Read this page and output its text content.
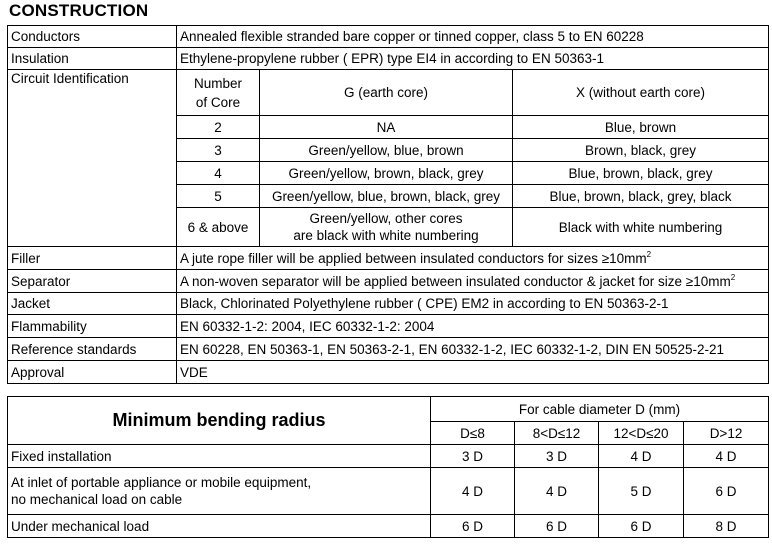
CONSTRUCTION
Conductors	Annealed flexible stranded bare copper or tinned copper, class 5 to EN 60228		
Insulation	Ethylene-propylene rubber ( EPR) type EI4 in according to EN 50363-1		
Circuit Identification	Number of Core	G (earth core)	X (without earth core)
	2	NA	Blue, brown
	3	Green/yellow, blue, brown	Brown, black, grey
	4	Green/yellow, brown, black, grey	Blue, brown, black, grey
	5	Green/yellow, blue, brown, black, grey	Blue, brown, black, grey, black
	6 & above	Green/yellow, other cores
are black with white numbering	Black with white numbering
Filler	A jute rope filler will be applied between insulated conductors for sizes $\ge 10mm^2$
Separator	A non-woven separator will be applied between insulated conductor & jacket for size $\ge 10mm^2$
Jacket	Black, Chlorinated Polyethylene rubber ( CPE) EM2 in according to EN 50363-2-1		
Flammability	EN 60332-1-2: 2004, IEC 60332-1-2: 2004		
Reference standards	EN 60228, EN 50363-1, EN 50363-2-1, EN 60332-1-2, IEC 60332-1-2, DIN EN 50525-2-21		
Approval	VDE		
Minimum bending radius	For cable diameter D (mm)			
	D≤8	8<D≤12	12<D≤20	D>12
Fixed installation	3 D	3 D	4 D	4 D

At inlet of portable appliance or mobile equipment,
no mechanical load on cable	4 D	4 D	5 D	6 D
Under mechanical load	6 D	6 D	6 D	8 D
